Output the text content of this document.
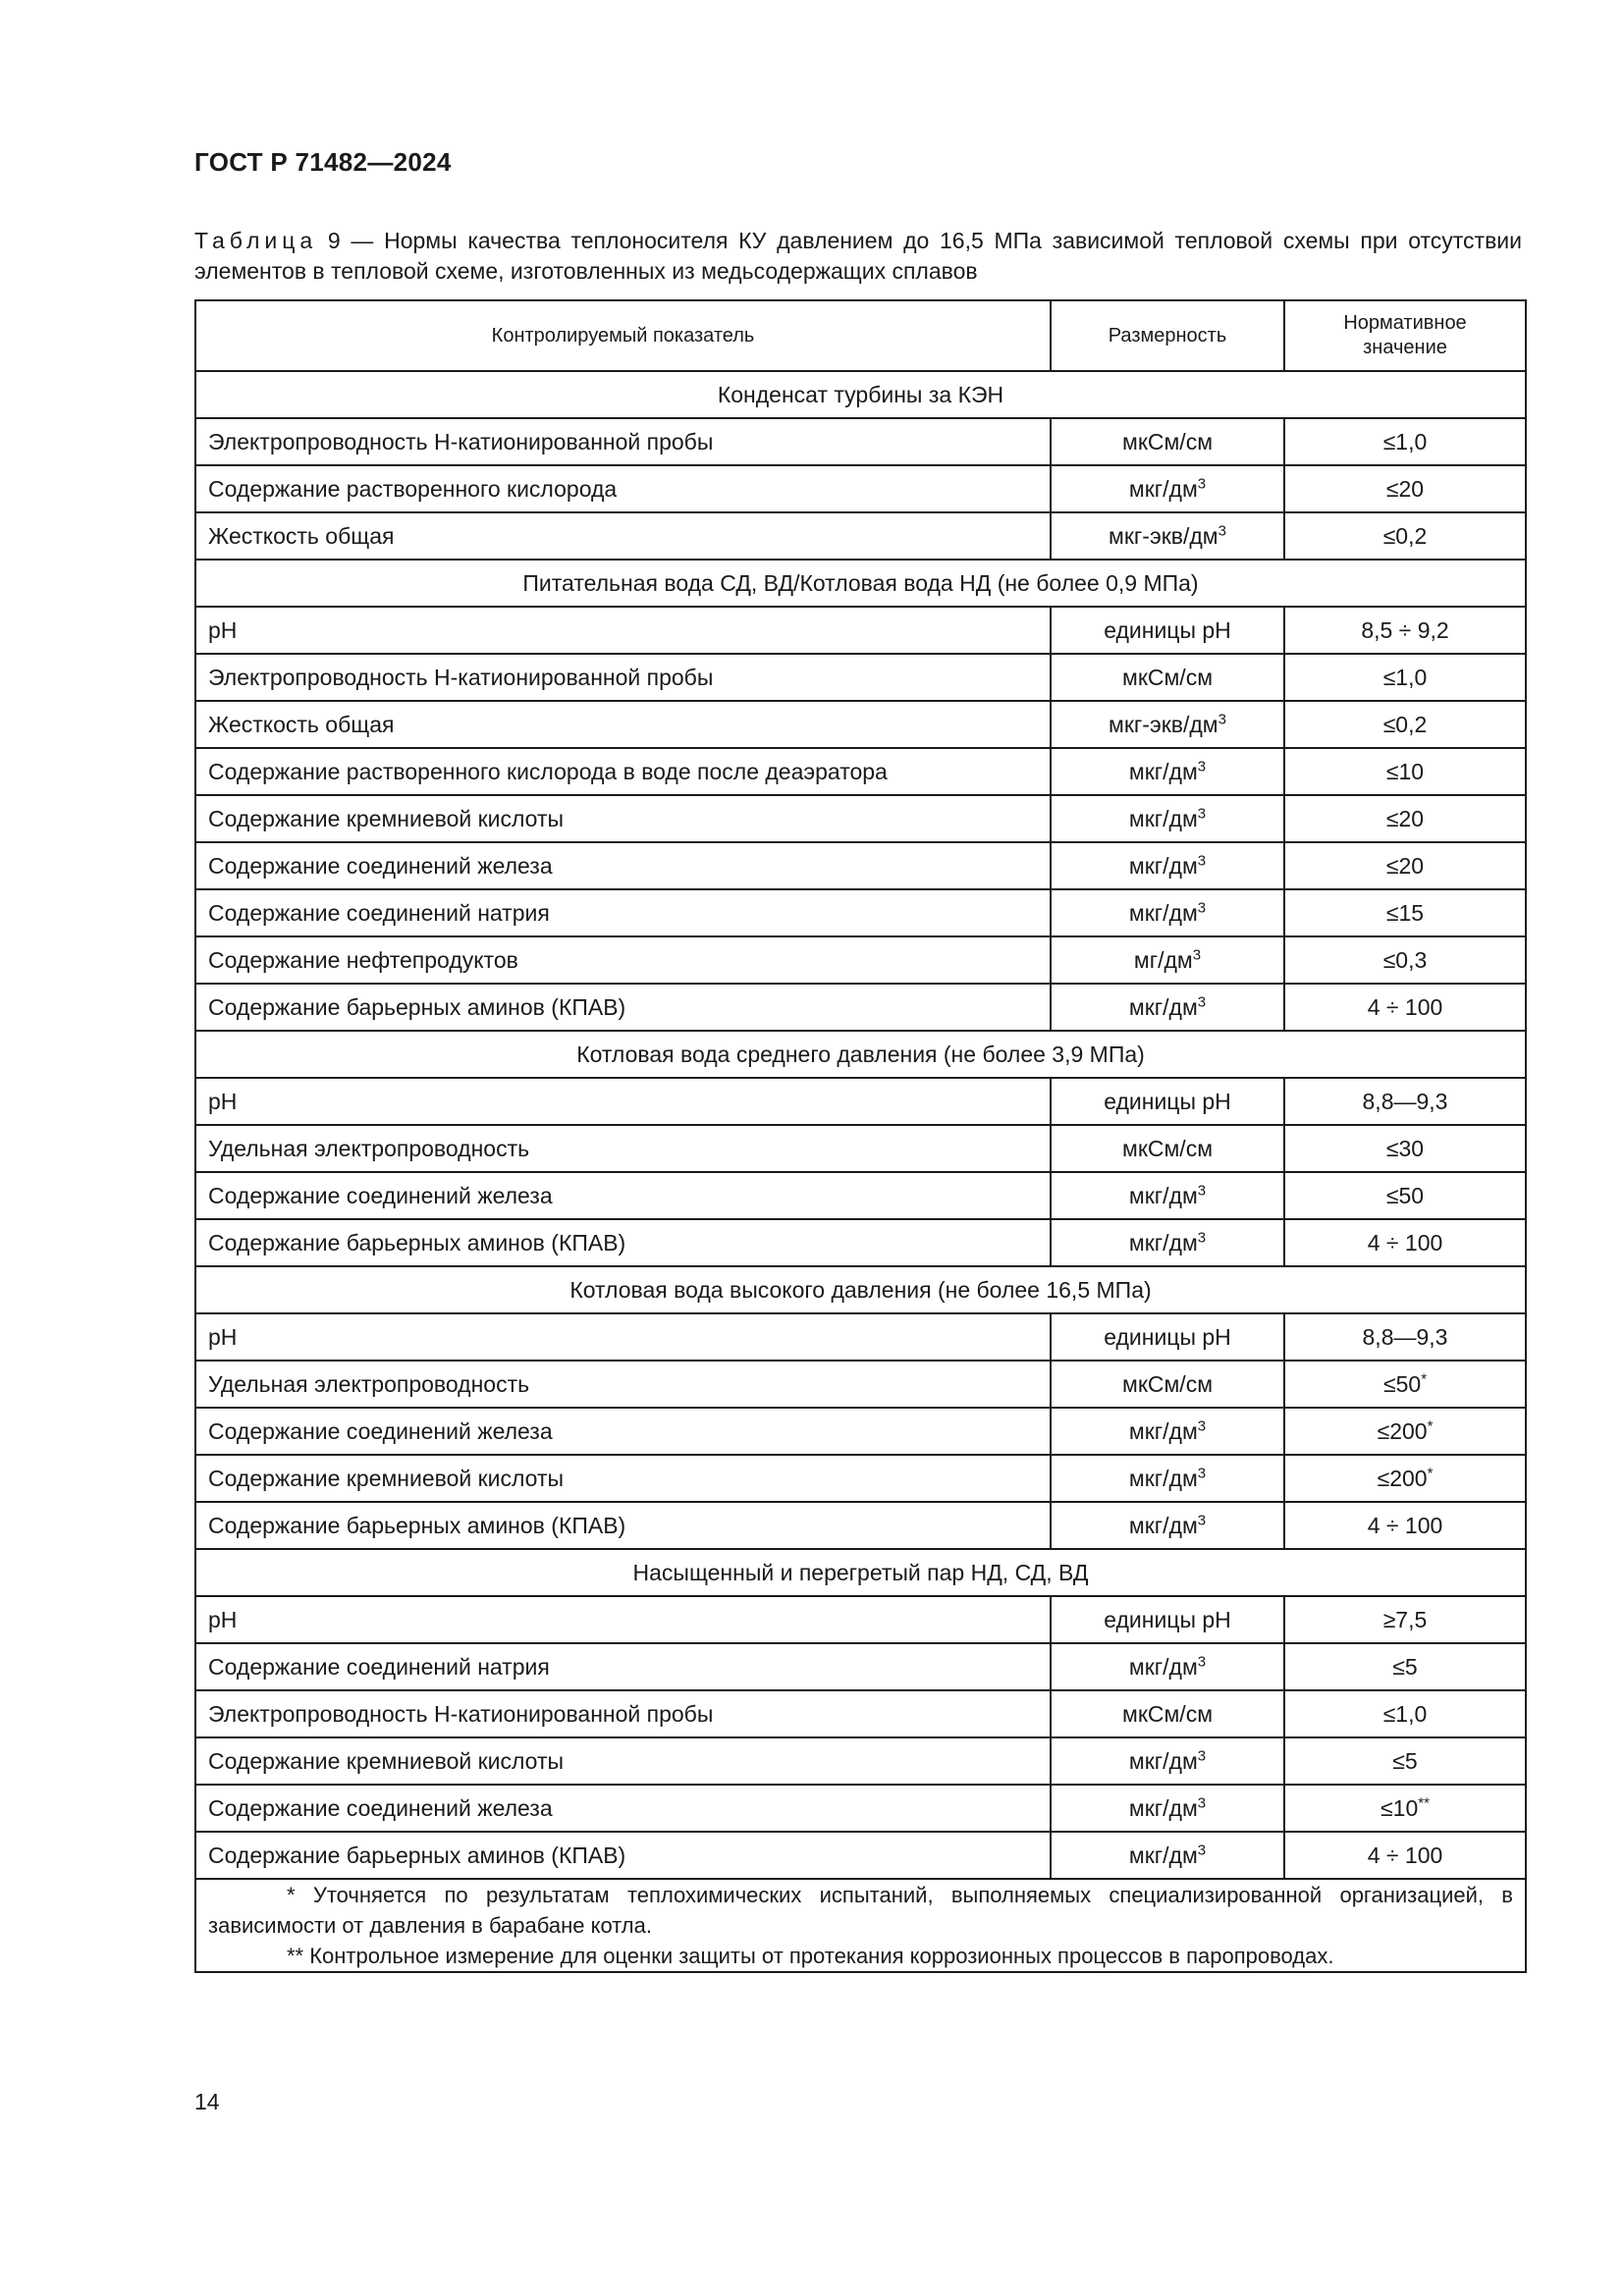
ГОСТ Р 71482—2024
Таблица 9 — Нормы качества теплоносителя КУ давлением до 16,5 МПа зависимой тепловой схемы при отсутствии элементов в тепловой схеме, изготовленных из медьсодержащих сплавов
Контролируемый показатель	Размерность	Нормативное
значение
Конденсат турбины за КЭН		
Электропроводность Н-катионированной пробы	мкСм/см	≤1,0
Содержание растворенного кислорода	мкг/$дм^3$	≤20
Жесткость общая	мкг-$экв/дм^3$	≤0,2
Питательная вода СД, ВД/Котловая вода НД (не более 0,9 МПа)		
pH	единицы pH	8,5 ÷ 9,2
Электропроводность Н-катионированной пробы	мкСм/см	≤1,0
Жесткость общая	мкг-$экв/дм^3$	≤0,2
Содержание растворенного кислорода в воде после деаэратора	мкг/$дм^3$	≤10
Содержание кремниевой кислоты	мкг/$дм^3$	≤20
Содержание соединений железа	мкг/$дм^3$	≤20
Содержание соединений натрия	мкг/$дм^3$	≤15
Содержание нефтепродуктов	$мг/дм^3$	≤0,3
Содержание барьерных аминов (КПАВ)	мкг/$дм^3$	4 ÷ 100
Котловая вода среднего давления (не более 3,9 МПа)		
pH	единицы pH	8,8—9,3
Удельная электропроводность	мкСм/см	≤30
Содержание соединений железа	мкг/$дм^3$	≤50
Содержание барьерных аминов (КПАВ)	мкг/$дм^3$	4 ÷ 100
Котловая вода высокого давления (не более 16,5 МПа)		
pH	единицы pH	8,8—9,3
Удельная электропроводность	мкСм/см	≤50*
Содержание соединений железа	мкг/$дм^3$	≤200*
Содержание кремниевой кислоты	мкг/$дм^3$	≤200*
Содержание барьерных аминов (КПАВ)	мкг/$дм^3$	4 ÷ 100
Насыщенный и перегретый пар НД, СД, ВД		
pH	единицы pH	≥7,5
Содержание соединений натрия	мкг/$дм^3$	≤5
Электропроводность Н-катионированной пробы	мкСм/см	≤1,0
Содержание кремниевой кислоты	мкг/$дм^3$	≤5
Содержание соединений железа	мкг/$дм^3$	≤10**
Содержание барьерных аминов (КПАВ)	мкг/$дм^3$	4 ÷ 100

* Уточняется по результатам теплохимических испытаний, выполняемых специализированной организацией, в зависимости от давления в барабане котла.
** Контрольное измерение для оценки защиты от протекания коррозионных процессов в паропроводах.		
14
